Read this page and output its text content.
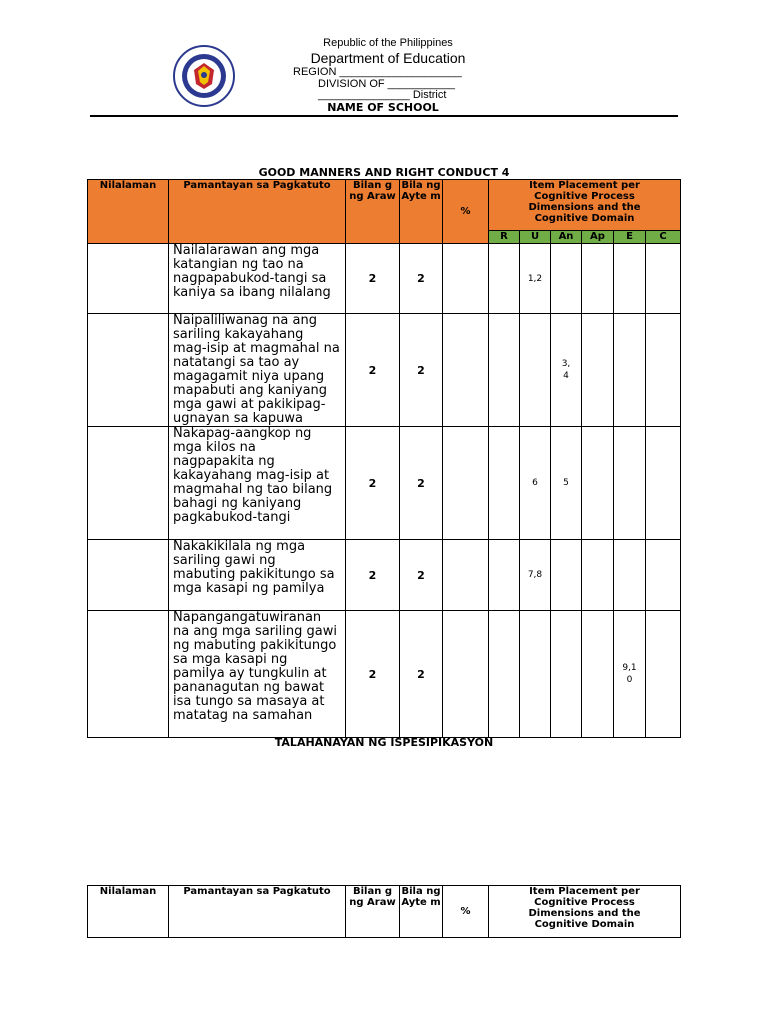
Republic of the Philippines
Department of Education
REGION ____________________
DIVISION OF ___________
_______________ District
NAME OF SCHOOL
GOOD MANNERS AND RIGHT CONDUCT 4
Nilalaman	Pamantayan sa Pagkatuto	Bilan g ng Araw	Bila ng Ayte m	%	Item Placement per Cognitive Process Dimensions and the Cognitive Domain					
					R	U	An	Ap	E	C
	Nailalarawan ang mga katangian ng tao na nagpapabukod-tangi sa kaniya sa ibang nilalang	2	2			1,2				
	Naipaliliwanag na ang sariling kakayahang mag-isip at magmahal na natatangi sa tao ay magagamit niya upang mapabuti ang kaniyang mga gawi at pakikipag-ugnayan sa kapuwa	2	2				3, 4			
	Nakapag-aangkop ng mga kilos na nagpapakita ng kakayahang mag-isip at magmahal ng tao bilang bahagi ng kaniyang pagkabukod-tangi	2	2			6	5			
	Nakakikilala ng mga sariling gawi ng mabuting pakikitungo sa mga kasapi ng pamilya	2	2			7,8				
	Napangangatuwiranan na ang mga sariling gawi ng mabuting pakikitungo sa mga kasapi ng pamilya ay tungkulin at pananagutan ng bawat isa tungo sa masaya at matatag na samahan	2	2						9,1 0	
TALAHANAYAN NG ISPESIPIKASYON
Nilalaman	Pamantayan sa Pagkatuto	Bilan g ng Araw	Bila ng Ayte m	%	Item Placement per Cognitive Process Dimensions and the Cognitive Domain
